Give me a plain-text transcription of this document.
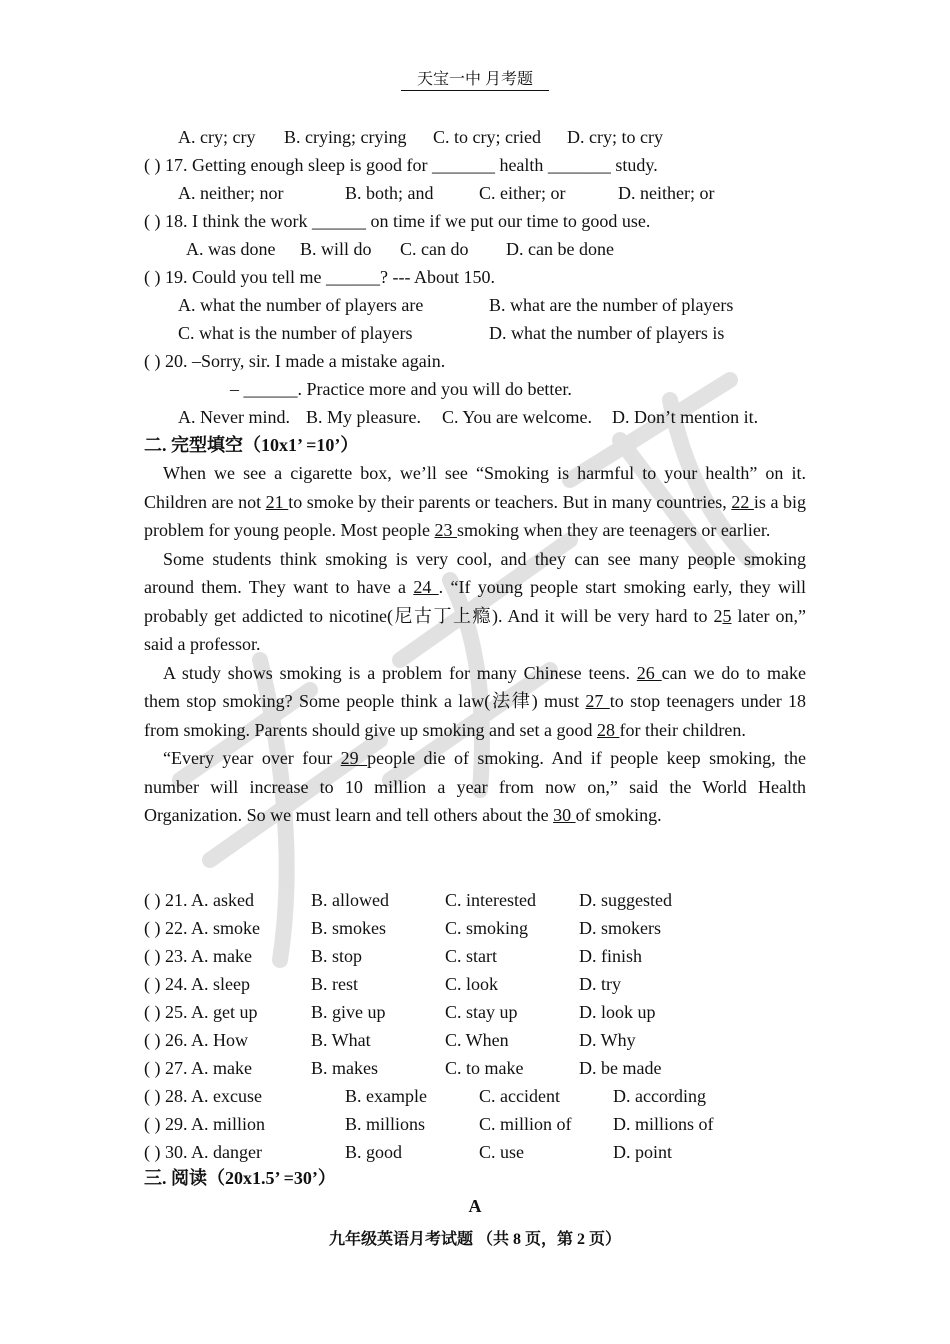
天宝一中 月考题
A. cry; cry B. crying; crying C. to cry; cried D. cry; to cry
( ) 17. Getting enough sleep is good for _______ health _______ study.
A. neither; nor	B. both; and	C. either; or	D. neither; or
( ) 18. I think the work ______ on time if we put our time to good use.
A. was done B. will do C. can do D. can be done
( ) 19. Could you tell me ______? --- About 150.
A. what the number of players are	B. what are the number of players
C. what is the number of players	D. what the number of players is
( ) 20. –Sorry, sir. I made a mistake again.
– ______. Practice more and you will do better.
A. Never mind. B. My pleasure. C. You are welcome. D. Don’t mention it.
二. 完型填空（10x1’ =10’）

When we see a cigarette box, we’ll see “Smoking is harmful to your health” on it. Children are not 21 to smoke by their parents or teachers. But in many countries, 22 is a big problem for young people. Most people 23 smoking when they are teenagers or earlier.

Some students think smoking is very cool, and they can see many people smoking around them. They want to have a 24 . “If young people start smoking early, they will probably get addicted to nicotine(尼古丁上瘾). And it will be very hard to 25 later on,” said a professor.

A study shows smoking is a problem for many Chinese teens. 26 can we do to make them stop smoking? Some people think a law(法律) must 27 to stop teenagers under 18 from smoking. Parents should give up smoking and set a good 28 for their children.

“Every year over four 29 people die of smoking. And if people keep smoking, the number will increase to 10 million a year from now on,” said the World Health Organization. So we must learn and tell others about the 30 of smoking.

( ) 21. A. asked	B. allowed	C. interested D. suggested
( ) 22. A. smoke	B. smokes	C. smoking	D. smokers
( ) 23. A. make	B. stop	C. start	D. finish
( ) 24. A. sleep	B. rest	C. look	D. try
( ) 25. A. get up	B. give up	C. stay up	D. look up
( ) 26. A. How	B. What	C. When	D. Why
( ) 27. A. make	B. makes	C. to make	D. be made
( ) 28. A. excuse	B. example	C. accident	D. according
( ) 29. A. million	B. millions	C. million of D. millions of
( ) 30. A. danger	B. good	C. use	D. point
三. 阅读（20x1.5’ =30’）
A
九年级英语月考试题 （共 8 页，第 2 页）
